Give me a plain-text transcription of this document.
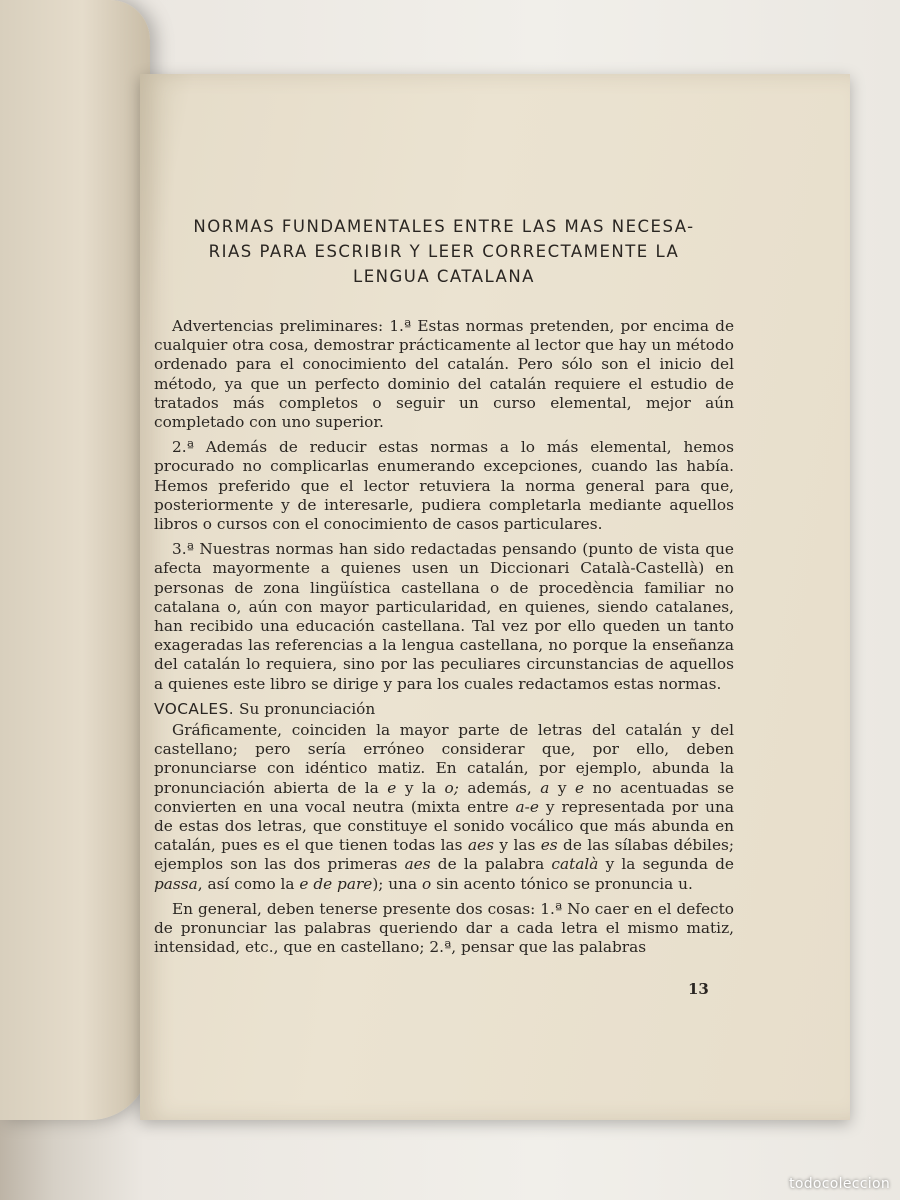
NORMAS FUNDAMENTALES ENTRE LAS MAS NECESA-
RIAS PARA ESCRIBIR Y LEER CORRECTAMENTE LA
LENGUA CATALANA

Advertencias preliminares: 1.ª Estas normas pretenden, por encima de cualquier otra cosa, demostrar prácticamente al lector que hay un método ordenado para el conocimiento del catalán. Pero sólo son el inicio del método, ya que un perfecto dominio del catalán requiere el estudio de tratados más completos o seguir un curso elemental, mejor aún completado con uno superior.

2.ª Además de reducir estas normas a lo más elemental, hemos procurado no complicarlas enumerando excepciones, cuando las había. Hemos preferido que el lector retuviera la norma general para que, posteriormente y de interesarle, pudiera completarla mediante aquellos libros o cursos con el conocimiento de casos particulares.

3.ª Nuestras normas han sido redactadas pensando (punto de vista que afecta mayormente a quienes usen un Diccionari Català-Castellà) en personas de zona lingüística castellana o de procedència familiar no catalana o, aún con mayor particularidad, en quienes, siendo catalanes, han recibido una educación castellana. Tal vez por ello queden un tanto exageradas las referencias a la lengua castellana, no porque la enseñanza del catalán lo requiera, sino por las peculiares circunstancias de aquellos a quienes este libro se dirige y para los cuales redactamos estas normas.

VOCALES. Su pronunciación

Gráficamente, coinciden la mayor parte de letras del catalán y del castellano; pero sería erróneo considerar que, por ello, deben pronunciarse con idéntico matiz. En catalán, por ejemplo, abunda la pronunciación abierta de la e y la o; además, a y e no acentuadas se convierten en una vocal neutra (mixta entre a-e y representada por una de estas dos letras, que constituye el sonido vocálico que más abunda en catalán, pues es el que tienen todas las aes y las es de las sílabas débiles; ejemplos son las dos primeras aes de la palabra català y la segunda de passa, así como la e de pare); una o sin acento tónico se pronuncia u.

En general, deben tenerse presente dos cosas: 1.ª No caer en el defecto de pronunciar las palabras queriendo dar a cada letra el mismo matiz, intensidad, etc., que en castellano; 2.ª, pensar que las palabras

13
todocoleccion
